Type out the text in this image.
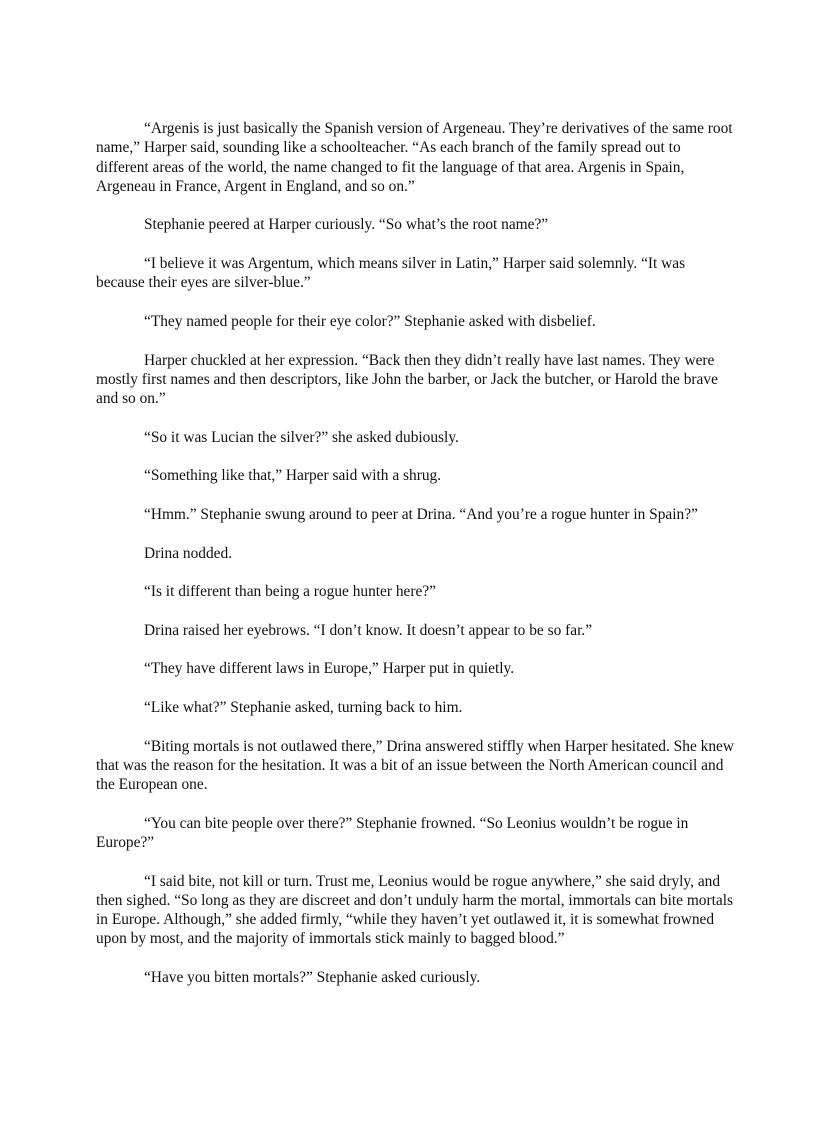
“Argenis is just basically the Spanish version of Argeneau. They’re derivatives of the same root name,” Harper said, sounding like a schoolteacher. “As each branch of the family spread out to different areas of the world, the name changed to fit the language of that area. Argenis in Spain, Argeneau in France, Argent in England, and so on.”

Stephanie peered at Harper curiously. “So what’s the root name?”

“I believe it was Argentum, which means silver in Latin,” Harper said solemnly. “It was because their eyes are silver-blue.”

“They named people for their eye color?” Stephanie asked with disbelief.

Harper chuckled at her expression. “Back then they didn’t really have last names. They were mostly first names and then descriptors, like John the barber, or Jack the butcher, or Harold the brave and so on.”

“So it was Lucian the silver?” she asked dubiously.

“Something like that,” Harper said with a shrug.

“Hmm.” Stephanie swung around to peer at Drina. “And you’re a rogue hunter in Spain?”

Drina nodded.

“Is it different than being a rogue hunter here?”

Drina raised her eyebrows. “I don’t know. It doesn’t appear to be so far.”

“They have different laws in Europe,” Harper put in quietly.

“Like what?” Stephanie asked, turning back to him.

“Biting mortals is not outlawed there,” Drina answered stiffly when Harper hesitated. She knew that was the reason for the hesitation. It was a bit of an issue between the North American council and the European one.

“You can bite people over there?” Stephanie frowned. “So Leonius wouldn’t be rogue in Europe?”

“I said bite, not kill or turn. Trust me, Leonius would be rogue anywhere,” she said dryly, and then sighed. “So long as they are discreet and don’t unduly harm the mortal, immortals can bite mortals in Europe. Although,” she added firmly, “while they haven’t yet outlawed it, it is somewhat frowned upon by most, and the majority of immortals stick mainly to bagged blood.”

“Have you bitten mortals?” Stephanie asked curiously.
